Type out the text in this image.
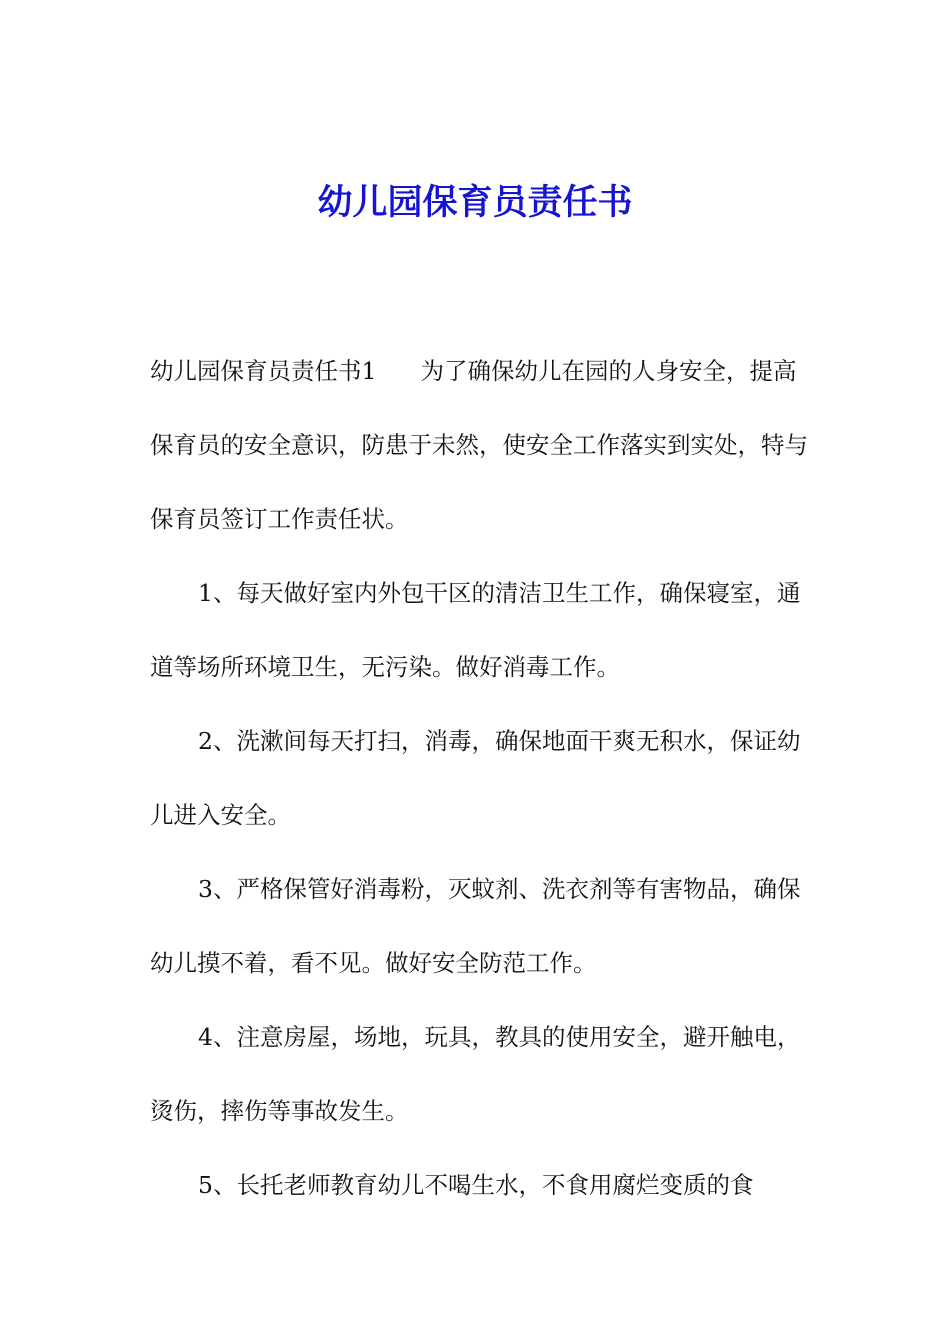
幼儿园保育员责任书

幼儿园保育员责任书1 为了确保幼儿在园的人身安全，提高保育员的安全意识，防患于未然，使安全工作落实到实处，特与保育员签订工作责任状。

1、每天做好室内外包干区的清洁卫生工作，确保寝室，通道等场所环境卫生，无污染。做好消毒工作。

2、洗漱间每天打扫，消毒，确保地面干爽无积水，保证幼儿进入安全。

3、严格保管好消毒粉，灭蚊剂、洗衣剂等有害物品，确保幼儿摸不着，看不见。做好安全防范工作。

4、注意房屋，场地，玩具，教具的使用安全，避开触电，烫伤，摔伤等事故发生。

5、长托老师教育幼儿不喝生水，不食用腐烂变质的食
